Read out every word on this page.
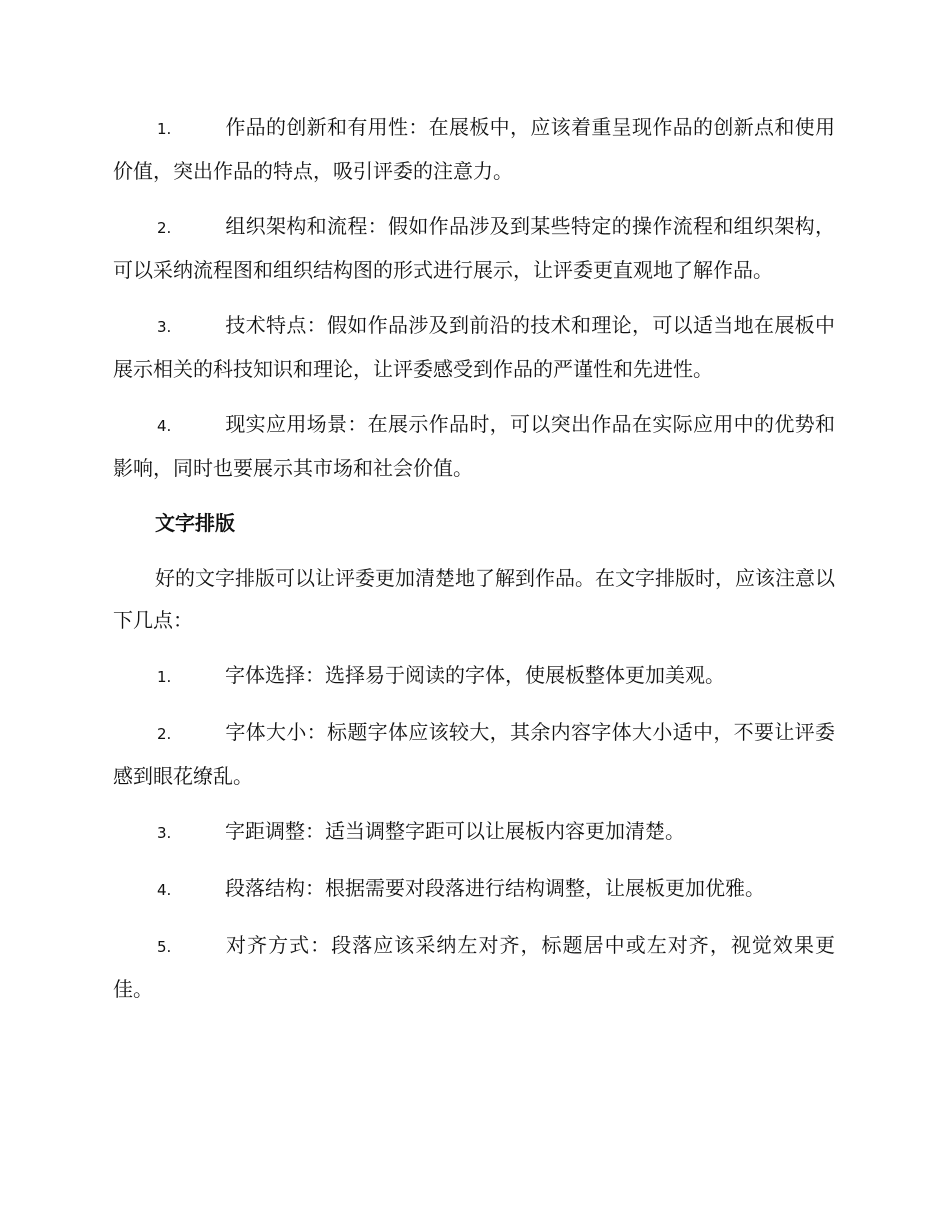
1.	作品的创新和有用性：在展板中，应该着重呈现作品的创新点和使用价值，突出作品的特点，吸引评委的注意力。
2.	组织架构和流程：假如作品涉及到某些特定的操作流程和组织架构，可以采纳流程图和组织结构图的形式进行展示，让评委更直观地了解作品。
3.	技术特点：假如作品涉及到前沿的技术和理论，可以适当地在展板中展示相关的科技知识和理论，让评委感受到作品的严谨性和先进性。
4.	现实应用场景：在展示作品时，可以突出作品在实际应用中的优势和影响，同时也要展示其市场和社会价值。
文字排版
好的文字排版可以让评委更加清楚地了解到作品。在文字排版时，应该注意以下几点：
1.	字体选择：选择易于阅读的字体，使展板整体更加美观。
2.	字体大小：标题字体应该较大，其余内容字体大小适中，不要让评委感到眼花缭乱。
3.	字距调整：适当调整字距可以让展板内容更加清楚。
4.	段落结构：根据需要对段落进行结构调整，让展板更加优雅。
5.	对齐方式：段落应该采纳左对齐，标题居中或左对齐，视觉效果更佳。
